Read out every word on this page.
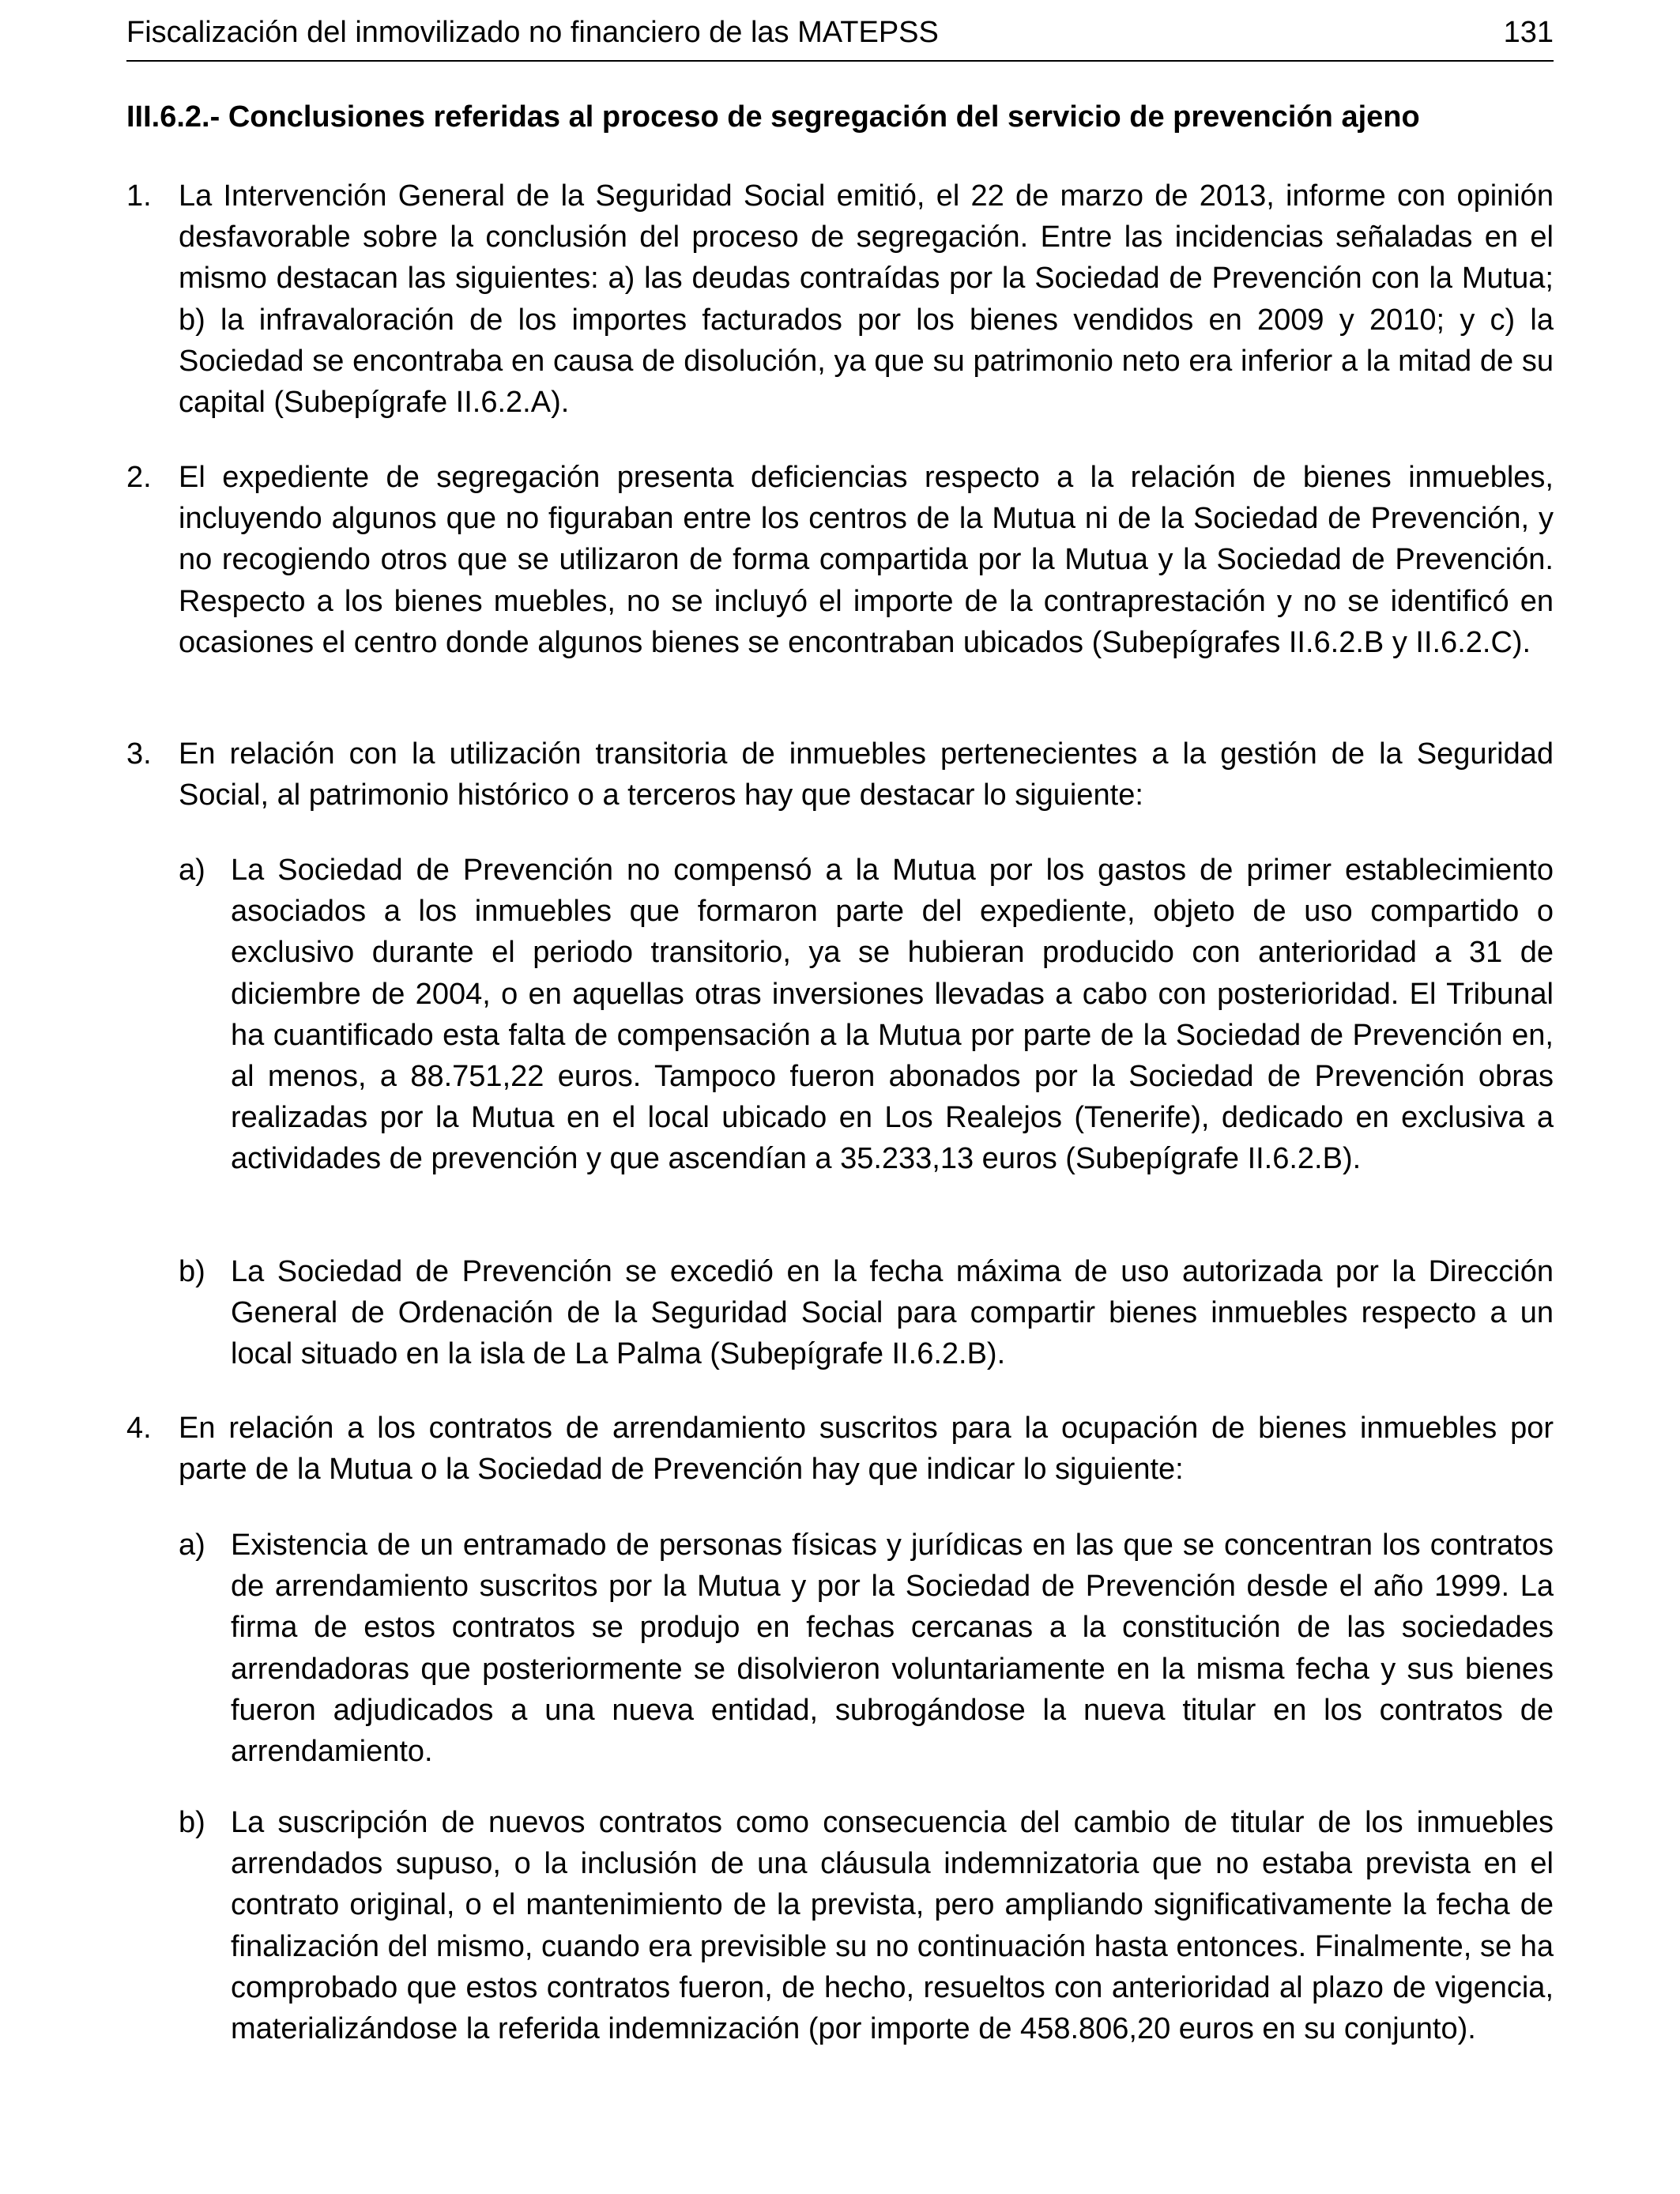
Fiscalización del inmovilizado no financiero de las MATEPSS	131
III.6.2.- Conclusiones referidas al proceso de segregación del servicio de prevención ajeno
1. La Intervención General de la Seguridad Social emitió, el 22 de marzo de 2013, informe con opinión desfavorable sobre la conclusión del proceso de segregación. Entre las incidencias señaladas en el mismo destacan las siguientes: a) las deudas contraídas por la Sociedad de Prevención con la Mutua; b) la infravaloración de los importes facturados por los bienes vendidos en 2009 y 2010; y c) la Sociedad se encontraba en causa de disolución, ya que su patrimonio neto era inferior a la mitad de su capital (Subepígrafe II.6.2.A).
2. El expediente de segregación presenta deficiencias respecto a la relación de bienes inmuebles, incluyendo algunos que no figuraban entre los centros de la Mutua ni de la Sociedad de Prevención, y no recogiendo otros que se utilizaron de forma compartida por la Mutua y la Sociedad de Prevención. Respecto a los bienes muebles, no se incluyó el importe de la contraprestación y no se identificó en ocasiones el centro donde algunos bienes se encontraban ubicados (Subepígrafes II.6.2.B y II.6.2.C).
3. En relación con la utilización transitoria de inmuebles pertenecientes a la gestión de la Seguridad Social, al patrimonio histórico o a terceros hay que destacar lo siguiente:
a) La Sociedad de Prevención no compensó a la Mutua por los gastos de primer establecimiento asociados a los inmuebles que formaron parte del expediente, objeto de uso compartido o exclusivo durante el periodo transitorio, ya se hubieran producido con anterioridad a 31 de diciembre de 2004, o en aquellas otras inversiones llevadas a cabo con posterioridad. El Tribunal ha cuantificado esta falta de compensación a la Mutua por parte de la Sociedad de Prevención en, al menos, a 88.751,22 euros. Tampoco fueron abonados por la Sociedad de Prevención obras realizadas por la Mutua en el local ubicado en Los Realejos (Tenerife), dedicado en exclusiva a actividades de prevención y que ascendían a 35.233,13 euros (Subepígrafe II.6.2.B).
b) La Sociedad de Prevención se excedió en la fecha máxima de uso autorizada por la Dirección General de Ordenación de la Seguridad Social para compartir bienes inmuebles respecto a un local situado en la isla de La Palma (Subepígrafe II.6.2.B).
4. En relación a los contratos de arrendamiento suscritos para la ocupación de bienes inmuebles por parte de la Mutua o la Sociedad de Prevención hay que indicar lo siguiente:
a) Existencia de un entramado de personas físicas y jurídicas en las que se concentran los contratos de arrendamiento suscritos por la Mutua y por la Sociedad de Prevención desde el año 1999. La firma de estos contratos se produjo en fechas cercanas a la constitución de las sociedades arrendadoras que posteriormente se disolvieron voluntariamente en la misma fecha y sus bienes fueron adjudicados a una nueva entidad, subrogándose la nueva titular en los contratos de arrendamiento.
b) La suscripción de nuevos contratos como consecuencia del cambio de titular de los inmuebles arrendados supuso, o la inclusión de una cláusula indemnizatoria que no estaba prevista en el contrato original, o el mantenimiento de la prevista, pero ampliando significativamente la fecha de finalización del mismo, cuando era previsible su no continuación hasta entonces. Finalmente, se ha comprobado que estos contratos fueron, de hecho, resueltos con anterioridad al plazo de vigencia, materializándose la referida indemnización (por importe de 458.806,20 euros en su conjunto).
